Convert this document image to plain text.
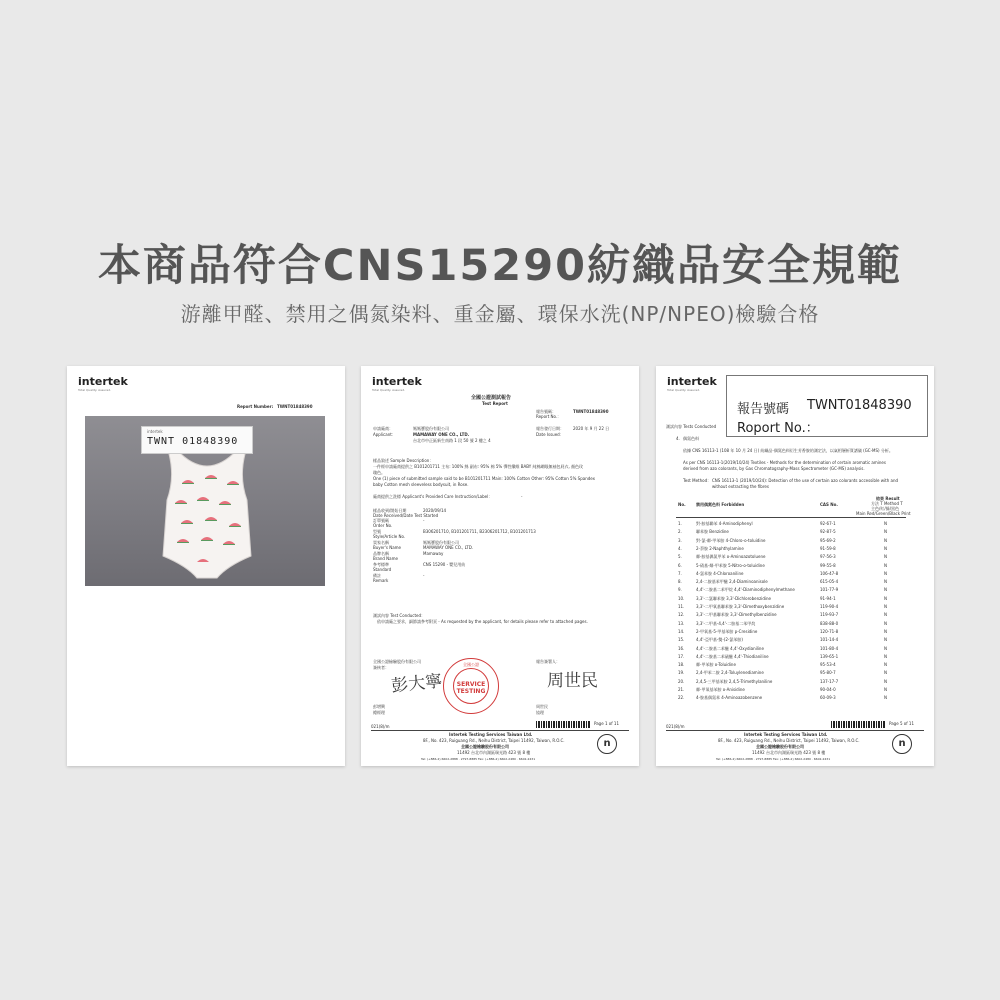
本商品符合CNS15290紡織品安全規範
游離甲醛、禁用之偶氮染料、重金屬、環保水洗(NP/NPEO)檢驗合格
intertek
Total Quality. Assured.
Report Number: TWNT01848390
intertek
TWNT 01848390
intertek
Total Quality. Assured.
全國公證測試報告
Test Report
報告號碼：
Report No.：
TWNT01848390
申請廠商：
Applicant：
媽媽寶股份有限公司
MAMAWAY ONE CO., LTD.
台北市中正區新生南路 1 段 50 號 2 樓之 4
報告發行日期：
Date Issued：
2020 年 9 月 22 日
樣品敘述 Sample Description：
一件經申請廠商提供之 B101201711 主布: 100% 綿 副布: 95% 棉 5% 彈性纖維 BABY 純棉網眼無袖包屁衣, 顏色玫
瑰色。
One (1) piece of submitted sample said to be B101201711 Main: 100% Cotton Other: 95% Cotton 5% Spandex
baby Cotton mesh sleeveless bodysuit, in Rose.
廠商提供之洗標 Applicant's Provided Care Instruction/Label：	-
樣品收到/開始日期	2020/09/14
Date Received/Date Test Started
訂單號碼	-
Order No.
型號	B306201710, B101201711, B2306201712, B101201713
Style/Article No.
買家名稱	媽媽寶股份有限公司
Buyer's Name	MAMAWAY ONE CO., LTD.
品牌名稱	Mamaway
Brand Name
參考標準	CNS 15290 - 嬰兒用紡
Standard
備註	-
Remark
測試內容 Test Conducted：
依申請廠之要求，細節請參考附頁 - As requested by the applicant, for details please refer to attached pages.
全國公證檢驗股份有限公司
簽核者：
報告簽署人：
彭大寧	周世民
全國公證
SERVICE TESTING
彭增興
總經理
周世民
協理
021(8)/m
Page 1 of 11
Intertek Testing Services Taiwan Ltd.
8F., No. 423, Ruiguang Rd., Neihu District, Taipei 11492, Taiwan, R.O.C.
全國公證檢驗股份有限公司
11492 台北市內湖區瑞光路 423 號 8 樓
Tel: (+886-2) 6602-2888 · 2797-8885 Fax: (+886-2) 6602-2480 · 6602-2431
n
intertek
Total Quality. Assured.
報告號碼 TWNT01848390
Roport No.：
測試內容 Tests Conducted
4. 偶氮色料
依據 CNS 16113-1 (108 年 10 月 24 日) 紡織品-偶氮色料衍生芳香胺的測定法，以氣相層析質譜儀 (GC-MS) 分析。
As per CNS 16113-1(2019/10/24) Textiles - Methods for the determination of certain aromatic amines
derived from azo colorants, by Gas Chromatography-Mass Spectrometer (GC-MS) analysis.
Test Method： CNS 16113-1 (2019/10/24): Detection of the use of certain azo colorants accessible with and
without extracting the fibres
No.	禁用偶氮色料 Forbidden	CAS No.
結果 Result
方法 T Method T
主色/紅/綠/黑色
Main Red/Green/Black Print
1.	對-胺基聯苯 4-Aminodiphenyl	92-67-1	N
2.	聯苯胺 Benzidine	92-87-5	N
3.	對-氯-鄰-甲苯胺 4-Chloro-o-toluidine	95-69-2	N
4.	2-萘胺 2-Naphthylamine	91-59-8	N
5.	鄰-胺基偶氮甲苯 o-Aminoazotoluene	97-56-3	N
6.	5-硝基-鄰-甲苯胺 5-Nitro-o-toluidine	99-55-8	N
7.	4-氯苯胺 4-Chloroaniline	106-47-8	N
8.	2,4-二胺基苯甲醚 2,4-Diaminoanisole	615-05-4	N
9.	4,4'-二胺基二苯甲烷 4,4'-Diaminodiphenylmethane	101-77-9	N
10.	3,3'-二氯聯苯胺 3,3'-Dichlorobenzidine	91-94-1	N
11.	3,3'-二甲氧基聯苯胺 3,3'-Dimethoxybenzidine	119-90-4	N
12.	3,3'-二甲基聯苯胺 3,3'-Dimethylbenzidine	119-93-7	N
13.	3,3'-二甲基-4,4'-二胺基二苯甲烷	838-88-0	N
14.	2-甲氧基-5-甲基苯胺 p-Cresidine	120-71-8	N
15.	4,4'-亞甲基-雙-(2-氯苯胺)	101-14-4	N
16.	4,4'-二胺基二苯醚 4,4'-Oxydianiline	101-80-4	N
17.	4,4'-二胺基二苯硫醚 4,4'-Thiodianiline	139-65-1	N
18.	鄰-甲苯胺 o-Toluidine	95-53-4	N
19.	2,4-甲苯二胺 2,4-Toluylenediamine	95-80-7	N
20.	2,4,5-三甲基苯胺 2,4,5-Trimethylaniline	137-17-7	N
21.	鄰-甲氧基苯胺 o-Anisidine	90-04-0	N
22.	4-胺基偶氮苯 4-Aminoazobenzene	60-09-3	N
021(8)/m
Page 5 of 11
Intertek Testing Services Taiwan Ltd.
8F., No. 423, Ruiguang Rd., Neihu District, Taipei 11492, Taiwan, R.O.C.
全國公證檢驗股份有限公司
11492 台北市內湖區瑞光路 423 號 8 樓
Tel: (+886-2) 6602-2888 · 2797-8885 Fax: (+886-2) 6602-2480 · 6602-2431
n
